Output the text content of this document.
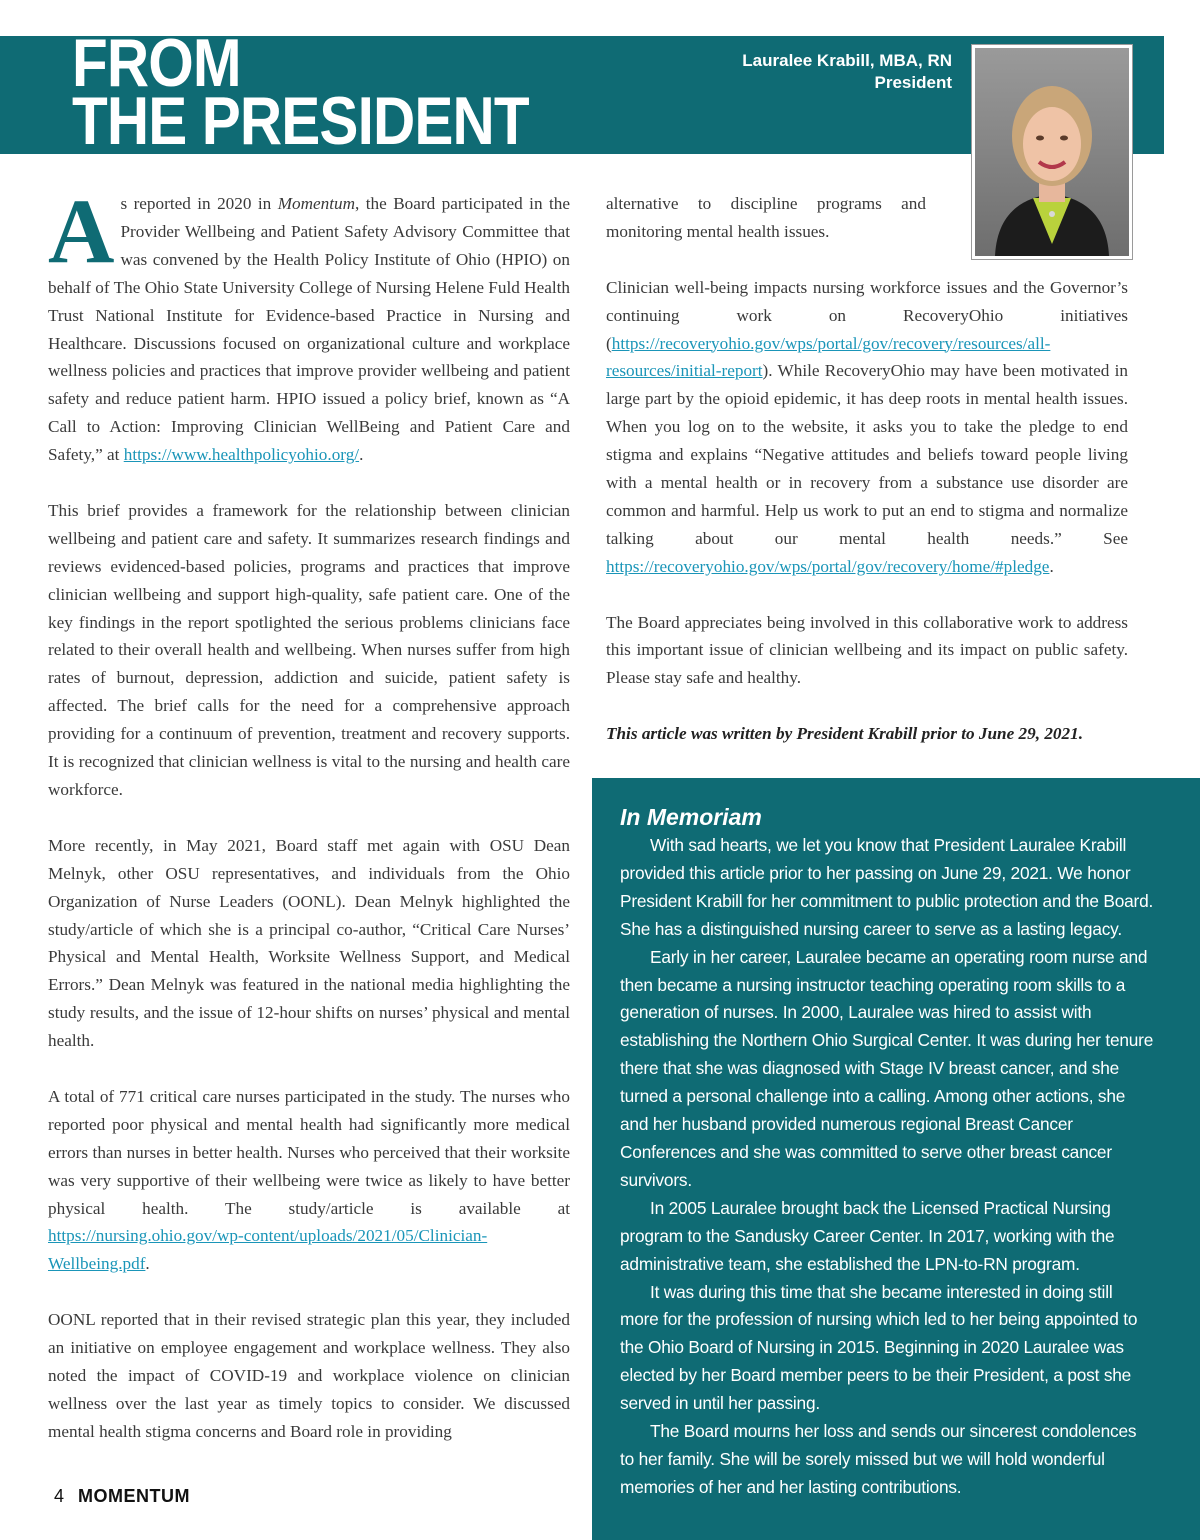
FROM
THE PRESIDENT
Lauralee Krabill, MBA, RN
President

As reported in 2020 in Momentum, the Board participated in the Provider Wellbeing and Patient Safety Advisory Committee that was convened by the Health Policy Institute of Ohio (HPIO) on behalf of The Ohio State University College of Nursing Helene Fuld Health Trust National Institute for Evidence-based Practice in Nursing and Healthcare. Discussions focused on organizational culture and workplace wellness policies and practices that improve provider wellbeing and patient safety and reduce patient harm. HPIO issued a policy brief, known as “A Call to Action: Improving Clinician WellBeing and Patient Care and Safety,” at https://www.healthpolicyohio.org/.

This brief provides a framework for the relationship between clinician wellbeing and patient care and safety. It summarizes research findings and reviews evidenced-based policies, programs and practices that improve clinician wellbeing and support high-quality, safe patient care. One of the key findings in the report spotlighted the serious problems clinicians face related to their overall health and wellbeing. When nurses suffer from high rates of burnout, depression, addiction and suicide, patient safety is affected. The brief calls for the need for a comprehensive approach providing for a continuum of prevention, treatment and recovery supports. It is recognized that clinician wellness is vital to the nursing and health care workforce.

More recently, in May 2021, Board staff met again with OSU Dean Melnyk, other OSU representatives, and individuals from the Ohio Organization of Nurse Leaders (OONL). Dean Melnyk highlighted the study/article of which she is a principal co-author, “Critical Care Nurses’ Physical and Mental Health, Worksite Wellness Support, and Medical Errors.” Dean Melnyk was featured in the national media highlighting the study results, and the issue of 12-hour shifts on nurses’ physical and mental health.

A total of 771 critical care nurses participated in the study. The nurses who reported poor physical and mental health had significantly more medical errors than nurses in better health. Nurses who perceived that their worksite was very supportive of their wellbeing were twice as likely to have better physical health. The study/article is available at https://nursing.ohio.gov/wp-content/uploads/2021/05/Clinician-Wellbeing.pdf.

OONL reported that in their revised strategic plan this year, they included an initiative on employee engagement and workplace wellness. They also noted the impact of COVID-19 and workplace violence on clinician wellness over the last year as timely topics to consider. We discussed mental health stigma concerns and Board role in providing

alternative to discipline programs and monitoring mental health issues.

Clinician well-being impacts nursing workforce issues and the Governor’s continuing work on RecoveryOhio initiatives (https://recoveryohio.gov/wps/portal/gov/recovery/resources/all-resources/initial-report). While RecoveryOhio may have been motivated in large part by the opioid epidemic, it has deep roots in mental health issues. When you log on to the website, it asks you to take the pledge to end stigma and explains “Negative attitudes and beliefs toward people living with a mental health or in recovery from a substance use disorder are common and harmful. Help us work to put an end to stigma and normalize talking about our mental health needs.” See https://recoveryohio.gov/wps/portal/gov/recovery/home/#pledge.

The Board appreciates being involved in this collaborative work to address this important issue of clinician wellbeing and its impact on public safety. Please stay safe and healthy.

This article was written by President Krabill prior to June 29, 2021.

In Memoriam

With sad hearts, we let you know that President Lauralee Krabill provided this article prior to her passing on June 29, 2021. We honor President Krabill for her commitment to public protection and the Board. She has a distinguished nursing career to serve as a lasting legacy.

Early in her career, Lauralee became an operating room nurse and then became a nursing instructor teaching operating room skills to a generation of nurses. In 2000, Lauralee was hired to assist with establishing the Northern Ohio Surgical Center. It was during her tenure there that she was diagnosed with Stage IV breast cancer, and she turned a personal challenge into a calling. Among other actions, she and her husband provided numerous regional Breast Cancer Conferences and she was committed to serve other breast cancer survivors.

In 2005 Lauralee brought back the Licensed Practical Nursing program to the Sandusky Career Center. In 2017, working with the administrative team, she established the LPN-to-RN program.

It was during this time that she became interested in doing still more for the profession of nursing which led to her being appointed to the Ohio Board of Nursing in 2015. Beginning in 2020 Lauralee was elected by her Board member peers to be their President, a post she served in until her passing.

The Board mourns her loss and sends our sincerest condolences to her family. She will be sorely missed but we will hold wonderful memories of her and her lasting contributions.

4 MOMENTUM
